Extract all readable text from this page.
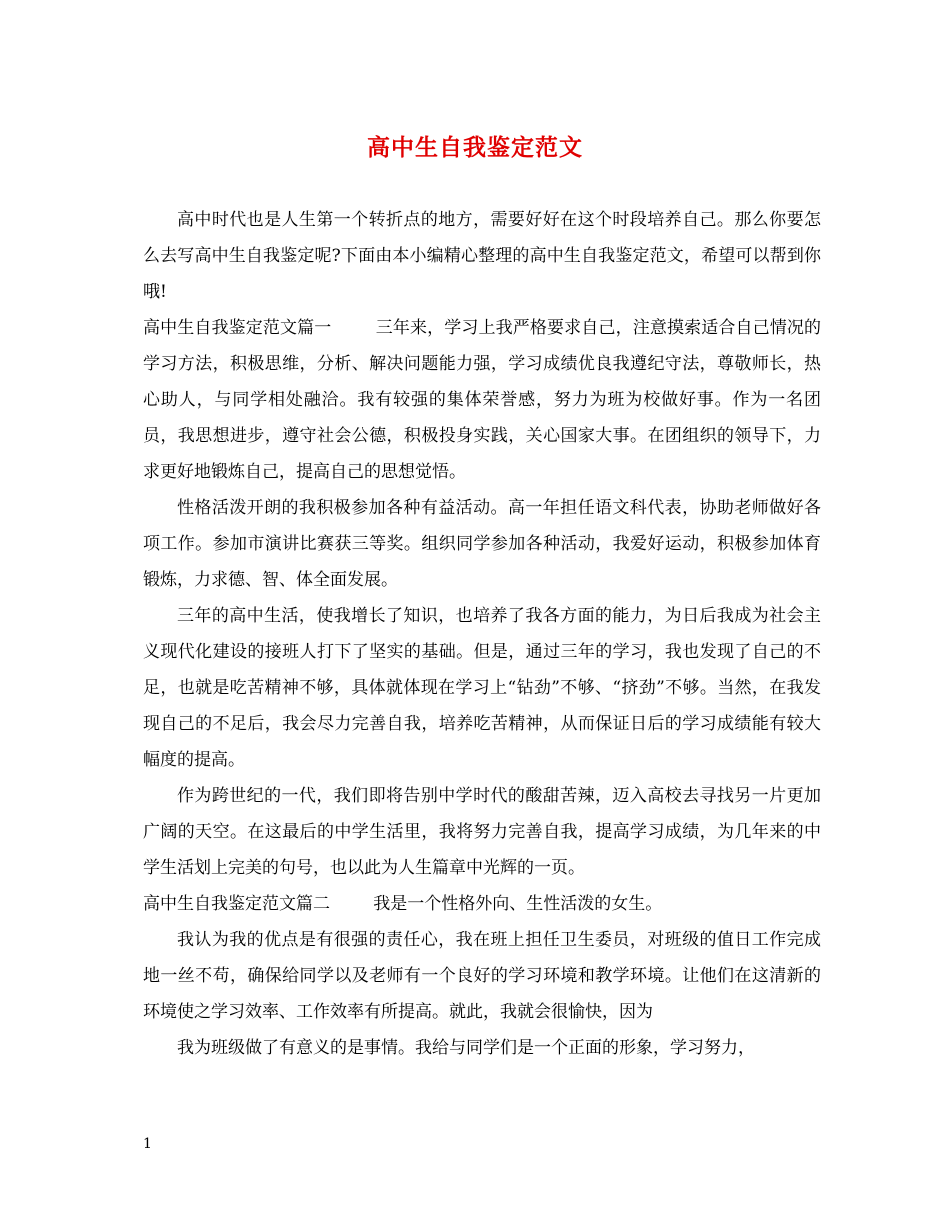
高中生自我鉴定范文

高中时代也是人生第一个转折点的地方，需要好好在这个时段培养自己。那么你要怎么去写高中生自我鉴定呢?下面由本小编精心整理的高中生自我鉴定范文，希望可以帮到你哦!

高中生自我鉴定范文篇一	三年来，学习上我严格要求自己，注意摸索适合自己情况的学习方法，积极思维，分析、解决问题能力强，学习成绩优良我遵纪守法，尊敬师长，热心助人，与同学相处融洽。我有较强的集体荣誉感，努力为班为校做好事。作为一名团员，我思想进步，遵守社会公德，积极投身实践，关心国家大事。在团组织的领导下，力求更好地锻炼自己，提高自己的思想觉悟。

性格活泼开朗的我积极参加各种有益活动。高一年担任语文科代表，协助老师做好各项工作。参加市演讲比赛获三等奖。组织同学参加各种活动，我爱好运动，积极参加体育锻炼，力求德、智、体全面发展。

三年的高中生活，使我增长了知识，也培养了我各方面的能力，为日后我成为社会主义现代化建设的接班人打下了坚实的基础。但是，通过三年的学习，我也发现了自己的不足，也就是吃苦精神不够，具体就体现在学习上“钻劲”不够、“挤劲”不够。当然，在我发现自己的不足后，我会尽力完善自我，培养吃苦精神，从而保证日后的学习成绩能有较大幅度的提高。

作为跨世纪的一代，我们即将告别中学时代的酸甜苦辣，迈入高校去寻找另一片更加广阔的天空。在这最后的中学生活里，我将努力完善自我，提高学习成绩，为几年来的中学生活划上完美的句号，也以此为人生篇章中光辉的一页。

高中生自我鉴定范文篇二	我是一个性格外向、生性活泼的女生。

我认为我的优点是有很强的责任心，我在班上担任卫生委员，对班级的值日工作完成地一丝不苟，确保给同学以及老师有一个良好的学习环境和教学环境。让他们在这清新的环境使之学习效率、工作效率有所提高。就此，我就会很愉快，因为

我为班级做了有意义的是事情。我给与同学们是一个正面的形象，学习努力，

1
